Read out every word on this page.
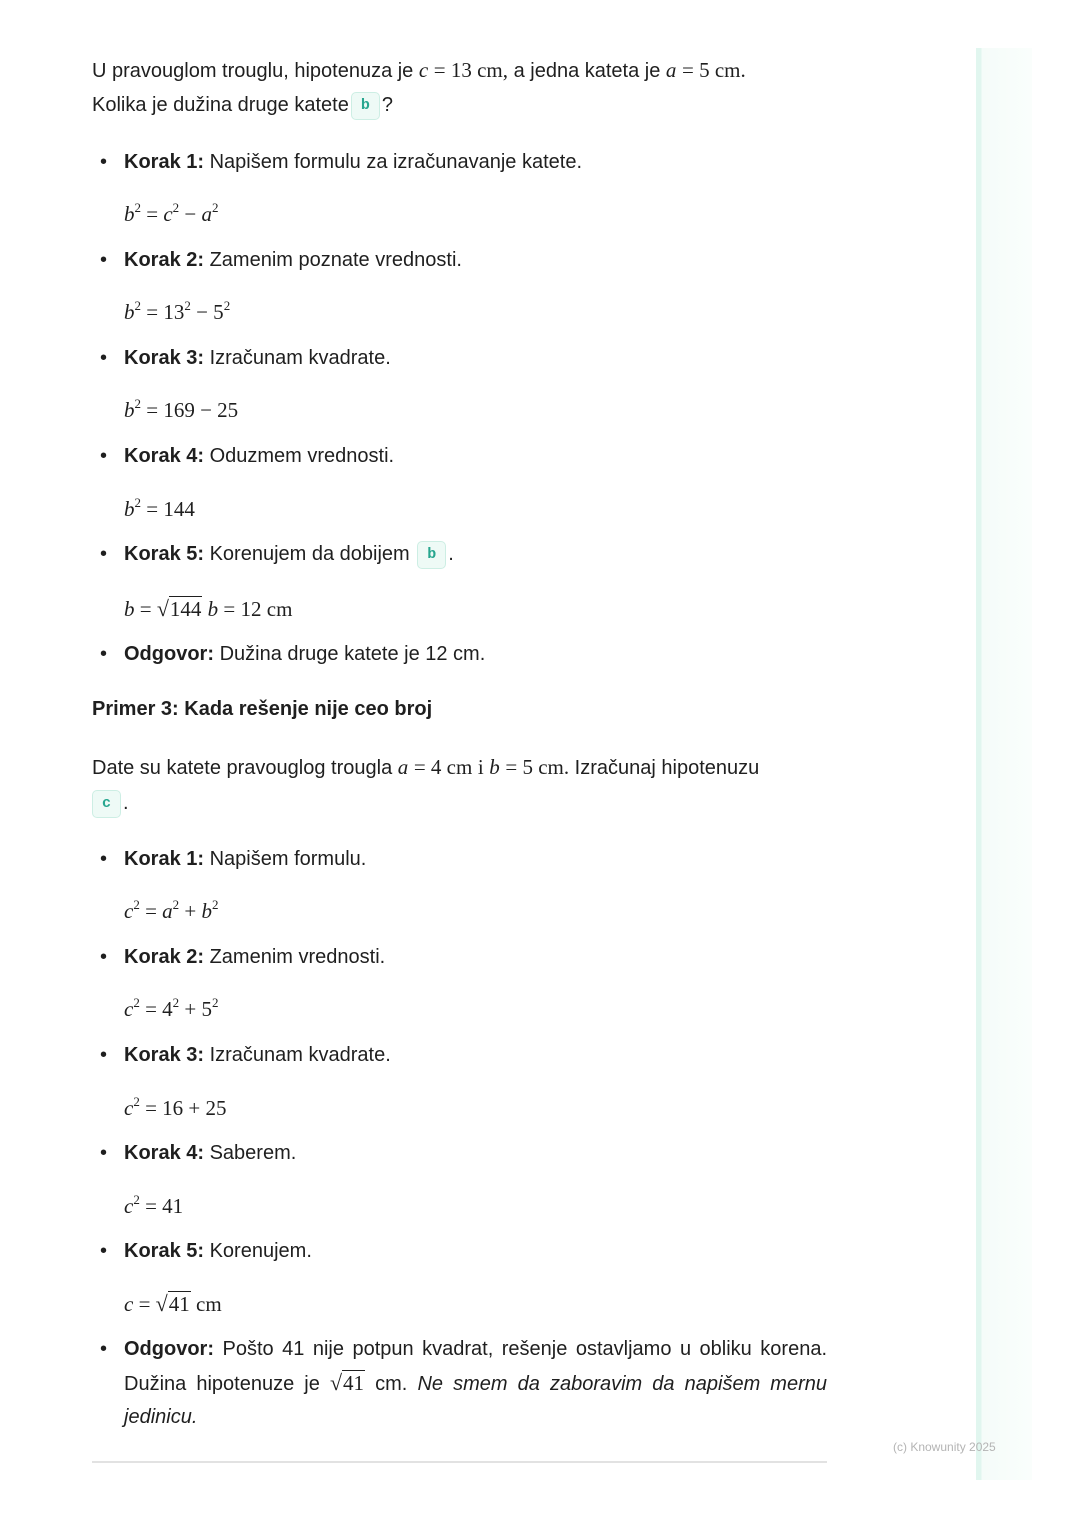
U pravouglom trouglu, hipotenuza je c = 13 cm, a jedna kateta je a = 5 cm.
Kolika je dužina druge katete b ?
• Korak 1: Napišem formulu za izračunavanje katete.
$b^2 = c^2 - a^2$
• Korak 2: Zamenim poznate vrednosti.
$b^2 = 13^2 - 5^2$
• Korak 3: Izračunam kvadrate.
$b^2 = 169 - 25$
• Korak 4: Oduzmem vrednosti.
$b^2 = 144$
• Korak 5: Korenujem da dobijem b .
b = √144 b = 12 cm
• Odgovor: Dužina druge katete je 12 cm.
Primer 3: Kada rešenje nije ceo broj
Date su katete pravouglog trougla a = 4 cm i b = 5 cm. Izračunaj hipotenuzu
c .
• Korak 1: Napišem formulu.
$c^2 = a^2 + b^2$
• Korak 2: Zamenim vrednosti.
$c^2 = 4^2 + 5^2$
• Korak 3: Izračunam kvadrate.
$c^2 = 16 + 25$
• Korak 4: Saberem.
$c^2 = 41$
• Korak 5: Korenujem.
c = √41 cm
• Odgovor: Pošto 41 nije potpun kvadrat, rešenje ostavljamo u obliku korena. Dužina hipotenuze je √41 cm. Ne smem da zaboravim da napišem mernu jedinicu.
(c) Knowunity 2025
